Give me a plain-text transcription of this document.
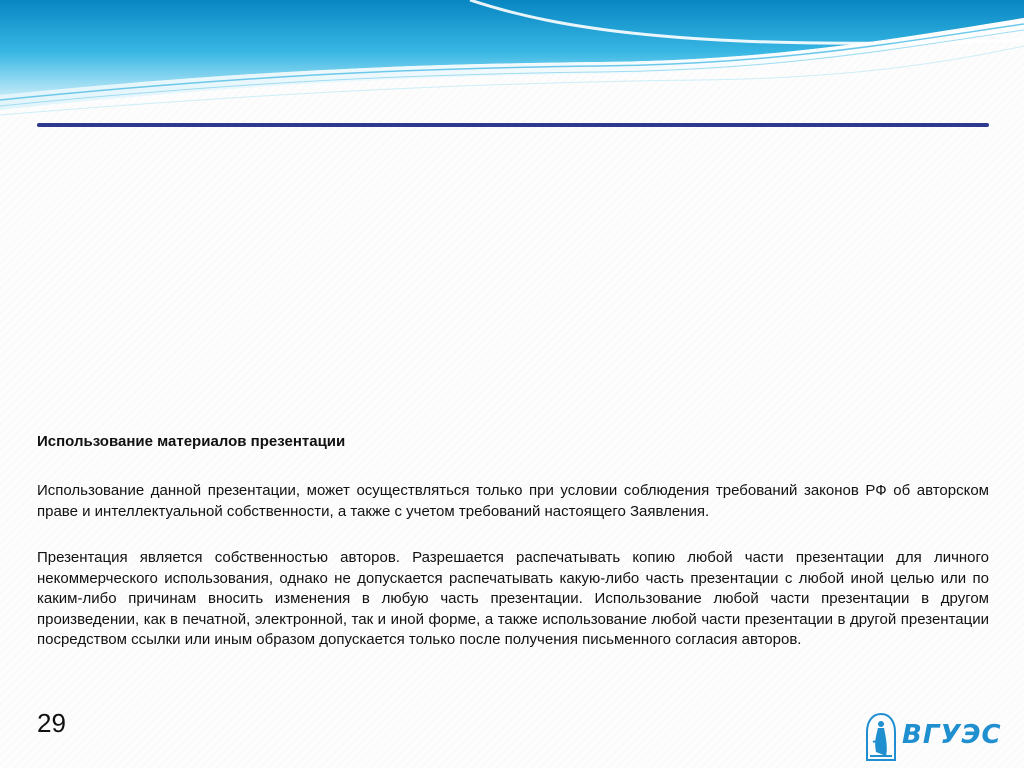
Использование материалов презентации
Использование данной презентации, может осуществляться только при условии соблюдения требований законов РФ об авторском праве и интеллектуальной собственности, а также с учетом требований настоящего Заявления.
Презентация является собственностью авторов. Разрешается распечатывать копию любой части презентации для личного некоммерческого использования, однако не допускается распечатывать какую-либо часть презентации с любой иной целью или по каким-либо причинам вносить изменения в любую часть презентации. Использование любой части презентации в другом произведении, как в печатной, электронной, так и иной форме, а также использование любой части презентации в другой презентации посредством ссылки или иным образом допускается только после получения письменного согласия авторов.
29	ВГУЭС
